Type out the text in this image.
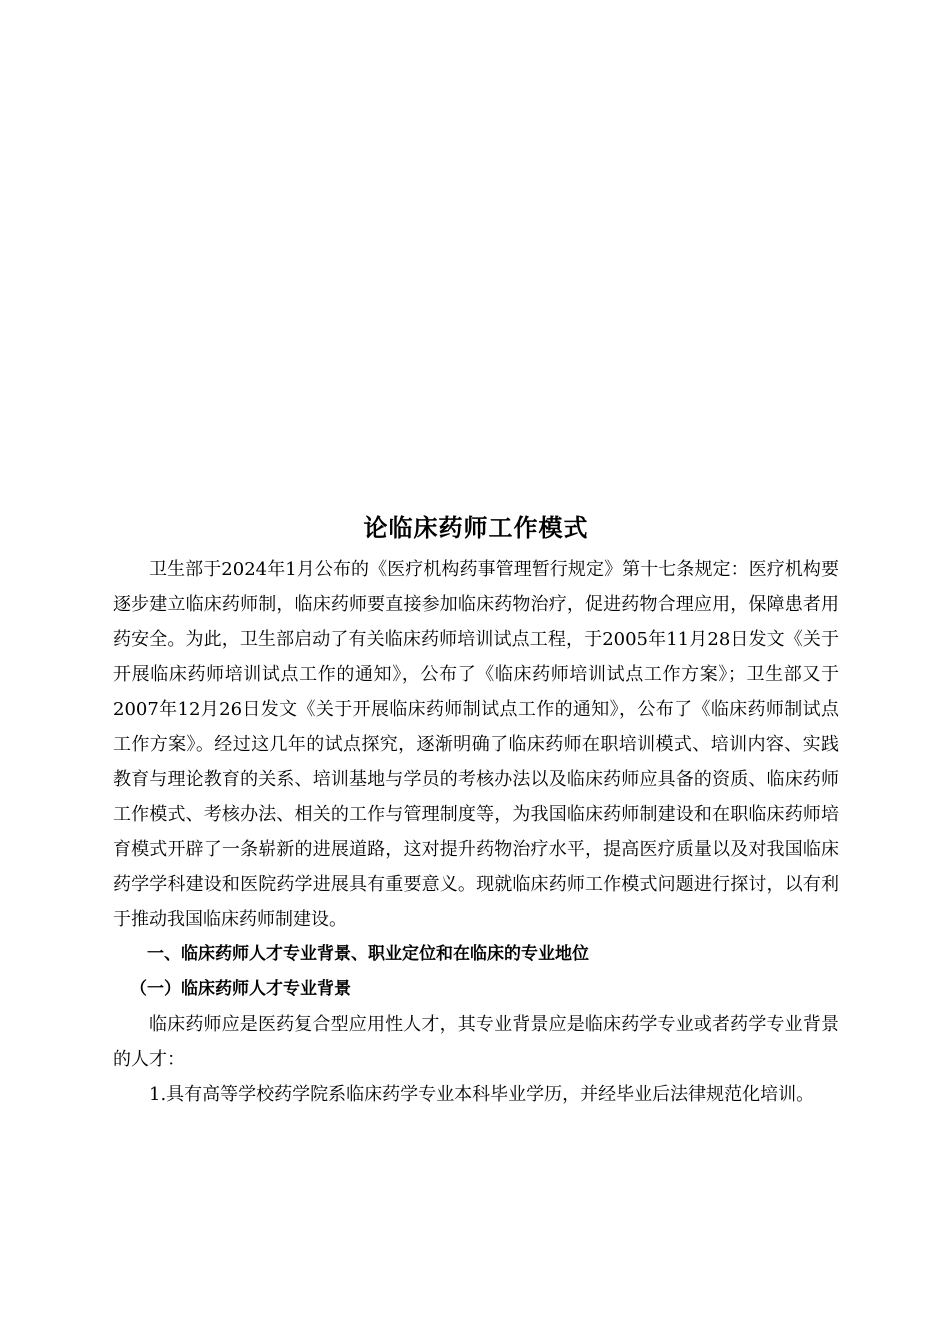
论临床药师工作模式

卫生部于2024年1月公布的《医疗机构药事管理暂行规定》第十七条规定：医疗机构要逐步建立临床药师制，临床药师要直接参加临床药物治疗，促进药物合理应用，保障患者用药安全。为此，卫生部启动了有关临床药师培训试点工程，于2005年11月28日发文《关于开展临床药师培训试点工作的通知》，公布了《临床药师培训试点工作方案》；卫生部又于2007年12月26日发文《关于开展临床药师制试点工作的通知》，公布了《临床药师制试点工作方案》。经过这几年的试点探究，逐渐明确了临床药师在职培训模式、培训内容、实践教育与理论教育的关系、培训基地与学员的考核办法以及临床药师应具备的资质、临床药师工作模式、考核办法、相关的工作与管理制度等，为我国临床药师制建设和在职临床药师培育模式开辟了一条崭新的进展道路，这对提升药物治疗水平，提高医疗质量以及对我国临床药学学科建设和医院药学进展具有重要意义。现就临床药师工作模式问题进行探讨，以有利于推动我国临床药师制建设。

一、临床药师人才专业背景、职业定位和在临床的专业地位

（一）临床药师人才专业背景

临床药师应是医药复合型应用性人才，其专业背景应是临床药学专业或者药学专业背景的人才：

1.具有高等学校药学院系临床药学专业本科毕业学历，并经毕业后法律规范化培训。
